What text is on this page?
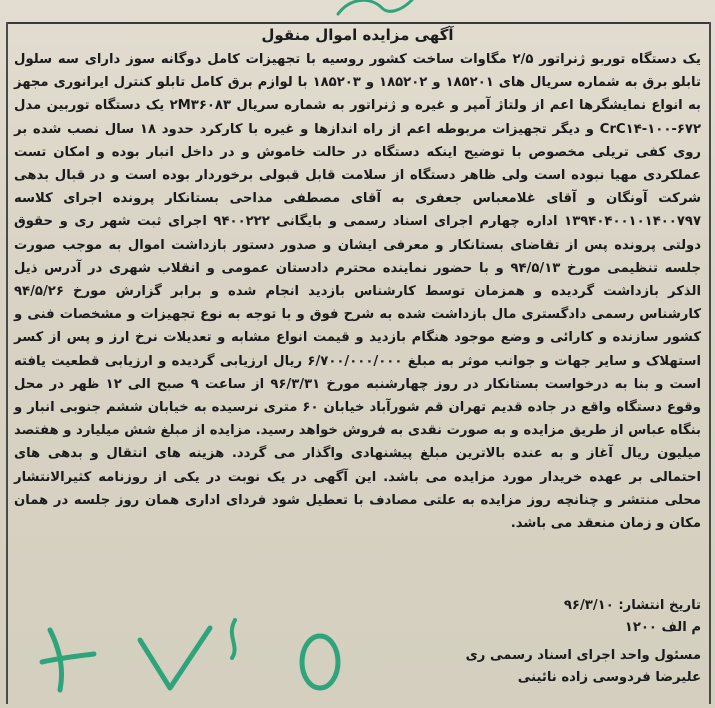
آگهی مزایده اموال منقول
یک دستگاه توربو ژنراتور ۲/۵ مگاوات ساخت کشور روسیه با تجهیزات کامل دوگانه سوز دارای سه سلول تابلو برق به شماره سریال های ۱۸۵۲۰۱ و ۱۸۵۲۰۲ و ۱۸۵۲۰۳ با لوازم برق کامل تابلو کنترل ایرانوری مجهز به انواع نمایشگرها اعم از ولتاژ آمپر و غیره و ژنراتور به شماره سریال ۲M۳۶۰۸۳ یک دستگاه توربین مدل CrC۱۴-۱۰۰-۶۷۲ و دیگر تجهیزات مربوطه اعم از راه اندازها و غیره با کارکرد حدود ۱۸ سال نصب شده بر روی کفی تریلی مخصوص با توضیح اینکه دستگاه در حالت خاموش و در داخل انبار بوده و امکان تست عملکردی مهیا نبوده است ولی ظاهر دستگاه از سلامت قابل قبولی برخوردار بوده است و در قبال بدهی شرکت آونگان و آقای غلامعباس جعفری به آقای مصطفی مداحی بستانکار پرونده اجرای کلاسه ۱۳۹۴۰۴۰۰۱۰۱۴۰۰۷۹۷ اداره چهارم اجرای اسناد رسمی و بایگانی ۹۴۰۰۲۲۲ اجرای ثبت شهر ری و حقوق دولتی پرونده پس از تقاضای بستانکار و معرفی ایشان و صدور دستور بازداشت اموال به موجب صورت جلسه تنظیمی مورخ ۹۴/۵/۱۳ و با حضور نماینده محترم دادستان عمومی و انقلاب شهری در آدرس ذیل الذکر بازداشت گردیده و همزمان توسط کارشناس بازدید انجام شده و برابر گزارش مورخ ۹۴/۵/۲۶ کارشناس رسمی دادگستری مال بازداشت شده به شرح فوق و با توجه به نوع تجهیزات و مشخصات فنی و کشور سازنده و کارائی و وضع موجود هنگام بازدید و قیمت انواع مشابه و تعدیلات نرخ ارز و پس از کسر استهلاک و سایر جهات و جوانب موثر به مبلغ ۶/۷۰۰/۰۰۰/۰۰۰ ریال ارزیابی گردیده و ارزیابی قطعیت یافته است و بنا به درخواست بستانکار در روز چهارشنبه مورخ ۹۶/۳/۳۱ از ساعت ۹ صبح الی ۱۲ ظهر در محل وقوع دستگاه واقع در جاده قدیم تهران قم شورآباد خیابان ۶۰ متری نرسیده به خیابان ششم جنوبی انبار و بنگاه عباس از طریق مزایده و به صورت نقدی به فروش خواهد رسید. مزایده از مبلغ شش میلیارد و هفتصد میلیون ریال آغاز و به عنده بالاترین مبلغ پیشنهادی واگذار می گردد. هزینه های انتقال و بدهی های احتمالی بر عهده خریدار مورد مزایده می باشد. این آگهی در یک نوبت در یکی از روزنامه کثیرالانتشار محلی منتشر و چنانچه روز مزایده به علتی مصادف با تعطیل شود فردای اداری همان روز جلسه در همان مکان و زمان منعقد می باشد.
تاریخ انتشار: ۹۶/۳/۱۰
م الف ۱۲۰۰
مسئول واحد اجرای اسناد رسمی ری
علیرضا فردوسی زاده نائینی
